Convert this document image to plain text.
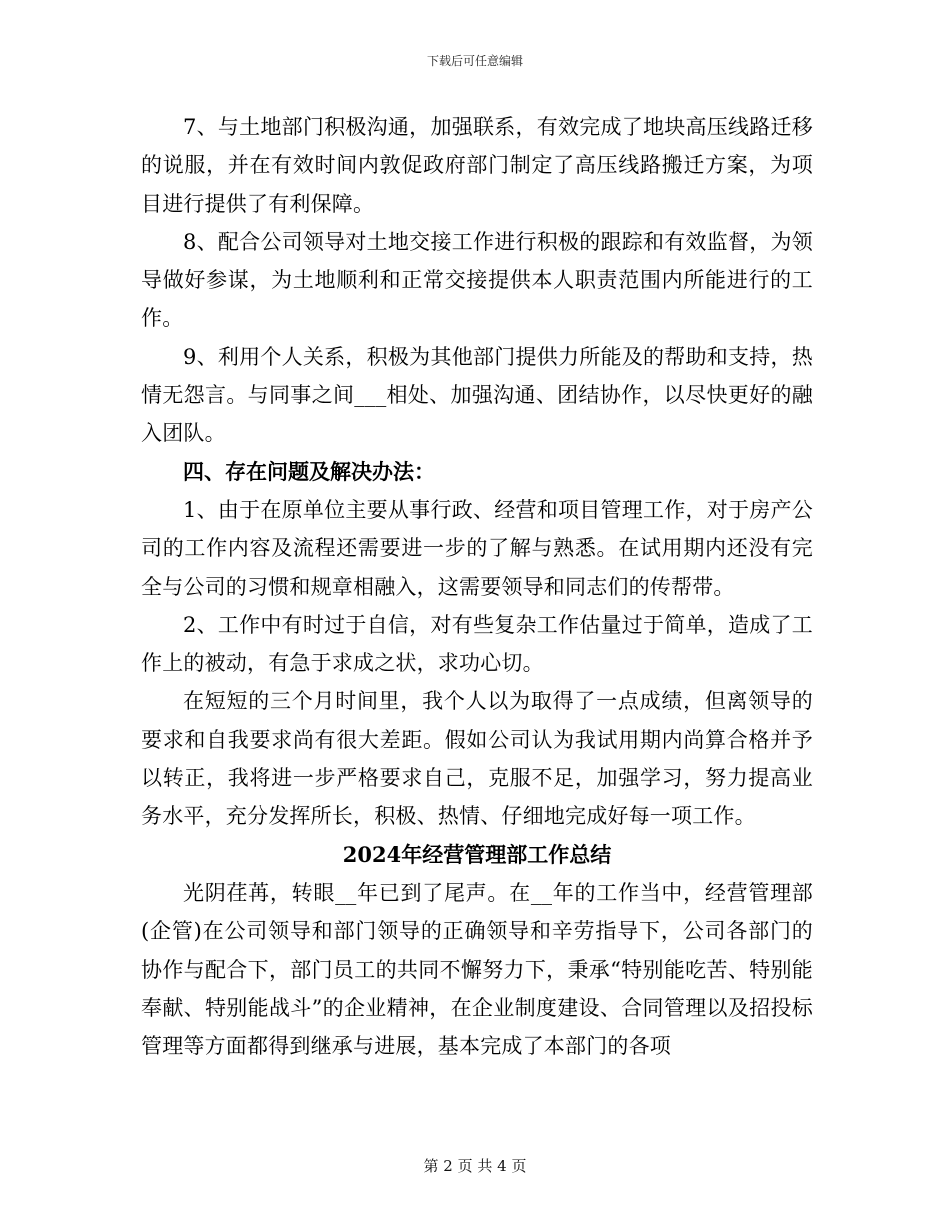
下载后可任意编辑

7、与土地部门积极沟通，加强联系，有效完成了地块高压线路迁移的说服，并在有效时间内敦促政府部门制定了高压线路搬迁方案，为项目进行提供了有利保障。

8、配合公司领导对土地交接工作进行积极的跟踪和有效监督，为领导做好参谋，为土地顺利和正常交接提供本人职责范围内所能进行的工作。

9、利用个人关系，积极为其他部门提供力所能及的帮助和支持，热情无怨言。与同事之间___相处、加强沟通、团结协作，以尽快更好的融入团队。

四、存在问题及解决办法：

1、由于在原单位主要从事行政、经营和项目管理工作，对于房产公司的工作内容及流程还需要进一步的了解与熟悉。在试用期内还没有完全与公司的习惯和规章相融入，这需要领导和同志们的传帮带。

2、工作中有时过于自信，对有些复杂工作估量过于简单，造成了工作上的被动，有急于求成之状，求功心切。

在短短的三个月时间里，我个人以为取得了一点成绩，但离领导的要求和自我要求尚有很大差距。假如公司认为我试用期内尚算合格并予以转正，我将进一步严格要求自己，克服不足，加强学习，努力提高业务水平，充分发挥所长，积极、热情、仔细地完成好每一项工作。

2024年经营管理部工作总结

光阴荏苒，转眼__年已到了尾声。在__年的工作当中，经营管理部(企管)在公司领导和部门领导的正确领导和辛劳指导下，公司各部门的协作与配合下，部门员工的共同不懈努力下，秉承“特别能吃苦、特别能奉献、特别能战斗”的企业精神，在企业制度建设、合同管理以及招投标管理等方面都得到继承与进展，基本完成了本部门的各项

第 2 页 共 4 页
